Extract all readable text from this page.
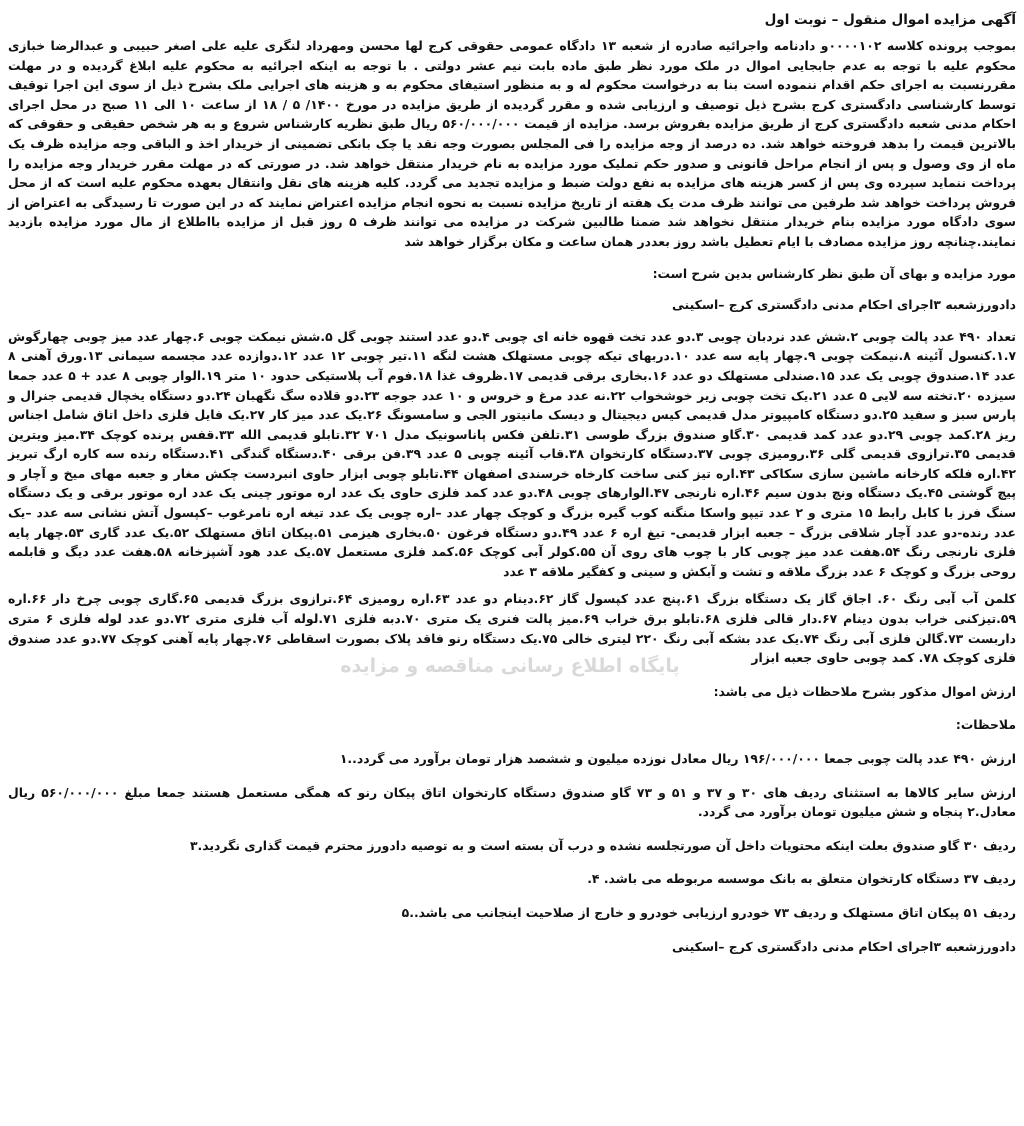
آگهی مزایده اموال منقول – نوبت اول

بموجب پرونده کلاسه ۰۰۰۰۱۰۲و دادنامه واجرائیه صادره از شعبه ۱۳ دادگاه عمومی حقوقی کرج لها محسن ومهرداد لنگری علیه علی اصغر حبیبی و عبدالرضا خبازی محکوم علیه با توجه به عدم جابجایی اموال در ملک مورد نظر طبق ماده بابت نیم عشر دولتی . با توجه به اینکه اجرائیه به محکوم علیه ابلاغ گردیده و در مهلت مقررنسبت به اجرای حکم اقدام ننموده است بنا به درخواست محکوم له و به منظور استیفای محکوم به و هزینه های اجرایی ملک بشرح ذیل از سوی این اجرا توقیف توسط کارشناسی دادگستری کرج بشرح ذیل توصیف و ارزیابی شده و مقرر گردیده از طریق مزایده در مورخ ۱۴۰۰/ ۵ / ۱۸ از ساعت ۱۰ الی ۱۱ صبح در محل اجرای احکام مدنی شعبه دادگستری کرج از طریق مزایده بفروش برسد. مزایده از قیمت ۵۶۰/۰۰۰/۰۰۰ ریال طبق نظریه کارشناس شروع و به هر شخص حقیقی و حقوقی که بالاترین قیمت را بدهد فروخته خواهد شد. ده درصد از وجه مزایده را فی المجلس بصورت وجه نقد یا چک بانکی تضمینی از خریدار اخذ و الباقی وجه مزایده ظرف یک ماه از وی وصول و پس از انجام مراحل قانونی و صدور حکم تملیک مورد مزایده به نام خریدار منتقل خواهد شد. در صورتی که در مهلت مقرر خریدار وجه مزایده را پرداخت ننماید سپرده وی پس از کسر هزینه های مزایده به نفع دولت ضبط و مزایده تجدید می گردد. کلیه هزینه های نقل وانتقال بعهده محکوم علیه است که از محل فروش پرداخت خواهد شد طرفین می توانند ظرف مدت یک هفته از تاریخ مزایده نسبت به نحوه انجام مزایده اعتراض نمایند که در این صورت تا رسیدگی به اعتراض از سوی دادگاه مورد مزایده بنام خریدار منتقل نخواهد شد ضمنا طالبین شرکت در مزایده می توانند ظرف ۵ روز قبل از مزایده بااطلاع از مال مورد مزایده بازدید نمایند.چنانچه روز مزایده مصادف با ایام تعطیل باشد روز بعددر همان ساعت و مکان برگزار خواهد شد

مورد مزایده و بهای آن طبق نظر کارشناس بدین شرح است:

دادورزشعبه ۳اجرای احکام مدنی دادگستری کرج –اسکینی

تعداد ۴۹۰ عدد پالت چوبی ۲.شش عدد نردبان چوبی ۳.دو عدد تخت قهوه خانه ای چوبی ۴.دو عدد استند چوبی گل ۵.شش نیمکت چوبی ۶.چهار عدد میز چوبی چهارگوش ۱.۷.کنسول آئینه ۸.نیمکت چوبی ۹.چهار پایه سه عدد ۱۰.دربهای تیکه چوبی مستهلک هشت لنگه ۱۱.تیر چوبی ۱۲ عدد ۱۲.دوازده عدد مجسمه سیمانی ۱۳.ورق آهنی ۸ عدد ۱۴.صندوق چوبی یک عدد ۱۵.صندلی مستهلک دو عدد ۱۶.بخاری برقی قدیمی ۱۷.ظروف غذا ۱۸.فوم آب پلاستیکی حدود ۱۰ متر ۱۹.الوار چوبی ۸ عدد + ۵ عدد جمعا سیزده ۲۰.تخته سه لایی ۵ عدد ۲۱.یک تخت چوبی زیر خوشخواب ۲۲.نه عدد مرغ و خروس و ۱۰ عدد جوجه ۲۳.دو قلاده سگ نگهبان ۲۴.دو دستگاه یخچال قدیمی جنرال و پارس سبز و سفید ۲۵.دو دستگاه کامپیوتر مدل قدیمی کیس دیجیتال و دیسک مانیتور الجی و سامسونگ ۲۶.یک عدد میز کار ۲۷.یک فایل فلزی داخل اتاق شامل اجناس ریز ۲۸.کمد چوبی ۲۹.دو عدد کمد قدیمی ۳۰.گاو صندوق بزرگ طوسی ۳۱.تلفن فکس پاناسونیک مدل ۷۰۱ ۳۲.تابلو قدیمی الله ۳۳.قفس پرنده کوچک ۳۴.میز ویترین قدیمی ۳۵.ترازوی قدیمی گلی ۳۶.رومیزی چوبی ۳۷.دستگاه کارتخوان ۳۸.قاب آئینه چوبی ۵ عدد ۳۹.فن برقی ۴۰.دستگاه گندگی ۴۱.دستگاه رنده سه کاره ارگ تبریز ۴۲.اره فلکه کارخانه ماشین سازی سکاکی ۴۳.اره تیز کنی ساخت کارخاه خرسندی اصفهان ۴۴.تابلو چوبی ابزار حاوی انبردست چکش مغار و جعبه مهای میخ و آچار و پیچ گوشتی ۴۵.یک دستگاه ونچ بدون سیم ۴۶.اره نارنجی ۴۷.الوارهای چوبی ۴۸.دو عدد کمد فلزی حاوی یک عدد اره موتور چینی یک عدد اره موتور برقی و یک دستگاه سنگ فرز با کابل رابط ۱۵ متری و ۲ عدد تیپو واسکا منگنه کوب گیره بزرگ و کوچک چهار عدد –اره چوبی یک عدد تیغه اره نامرغوب –کپسول آتش نشانی سه عدد –یک عدد رنده-دو عدد آچار شلاقی بزرگ – جعبه ابزار قدیمی- تیغ اره ۶ عدد ۴۹.دو دستگاه فرغون ۵۰.بخاری هیزمی ۵۱.پیکان اتاق مستهلک ۵۲.یک عدد گاری ۵۳.چهار پایه فلزی نارنجی رنگ ۵۴.هفت عدد میز چوبی کار با چوب های روی آن ۵۵.کولر آبی کوچک ۵۶.کمد فلزی مستعمل ۵۷.یک عدد هود آشپزخانه ۵۸.هفت عدد دیگ و قابلمه روحی بزرگ و کوچک ۶ عدد بزرگ ملاقه و تشت و آبکش و سینی و کفگیر ملاقه ۳ عدد

کلمن آب آبی رنگ ۶۰. اجاق گاز یک دستگاه بزرگ ۶۱.پنج عدد کپسول گاز ۶۲.دینام دو عدد ۶۳.اره رومیزی ۶۴.ترازوی بزرگ قدیمی ۶۵.گاری چوبی چرخ دار ۶۶.اره ۵۹.تیزکنی خراب بدون دینام ۶۷.دار قالی فلزی ۶۸.تابلو برق خراب ۶۹.میز پالت فنری یک متری ۷۰.دبه فلزی ۷۱.لوله آب فلزی متری ۷۲.دو عدد لوله فلزی ۶ متری داربست ۷۳.گالن فلزی آبی رنگ ۷۴.یک عدد بشکه آبی رنگ ۲۲۰ لیتری خالی ۷۵.یک دستگاه رنو فاقد پلاک بصورت اسقاطی ۷۶.چهار پایه آهنی کوچک ۷۷.دو عدد صندوق فلزی کوچک ۷۸. کمد چوبی حاوی جعبه ابزار

ارزش اموال مذکور بشرح ملاحظات ذیل می باشد:

ملاحظات:

ارزش ۴۹۰ عدد پالت چوبی جمعا ۱۹۶/۰۰۰/۰۰۰ ریال معادل نوزده میلیون و ششصد هزار تومان برآورد می گردد..۱

ارزش سایر کالاها به استثنای ردیف های ۳۰ و ۳۷ و ۵۱ و ۷۳ گاو صندوق دستگاه کارتخوان اتاق پیکان رنو که همگی مستعمل هستند جمعا مبلغ ۵۶۰/۰۰۰/۰۰۰ ریال معادل.۲ پنجاه و شش میلیون تومان برآورد می گردد.

ردیف ۳۰ گاو صندوق بعلت اینکه محتویات داخل آن صورتجلسه نشده و درب آن بسته است و به توصیه دادورز محترم قیمت گذاری نگردید.۳

ردیف ۳۷ دستگاه کارتخوان متعلق به بانک موسسه مربوطه می باشد. ۴.

ردیف ۵۱ پیکان اتاق مستهلک و ردیف ۷۳ خودرو ارزیابی خودرو و خارج از صلاحیت اینجانب می باشد..۵

دادورزشعبه ۳اجرای احکام مدنی دادگستری کرج –اسکینی

پایگاه اطلاع رسانی مناقصه و مزایده
